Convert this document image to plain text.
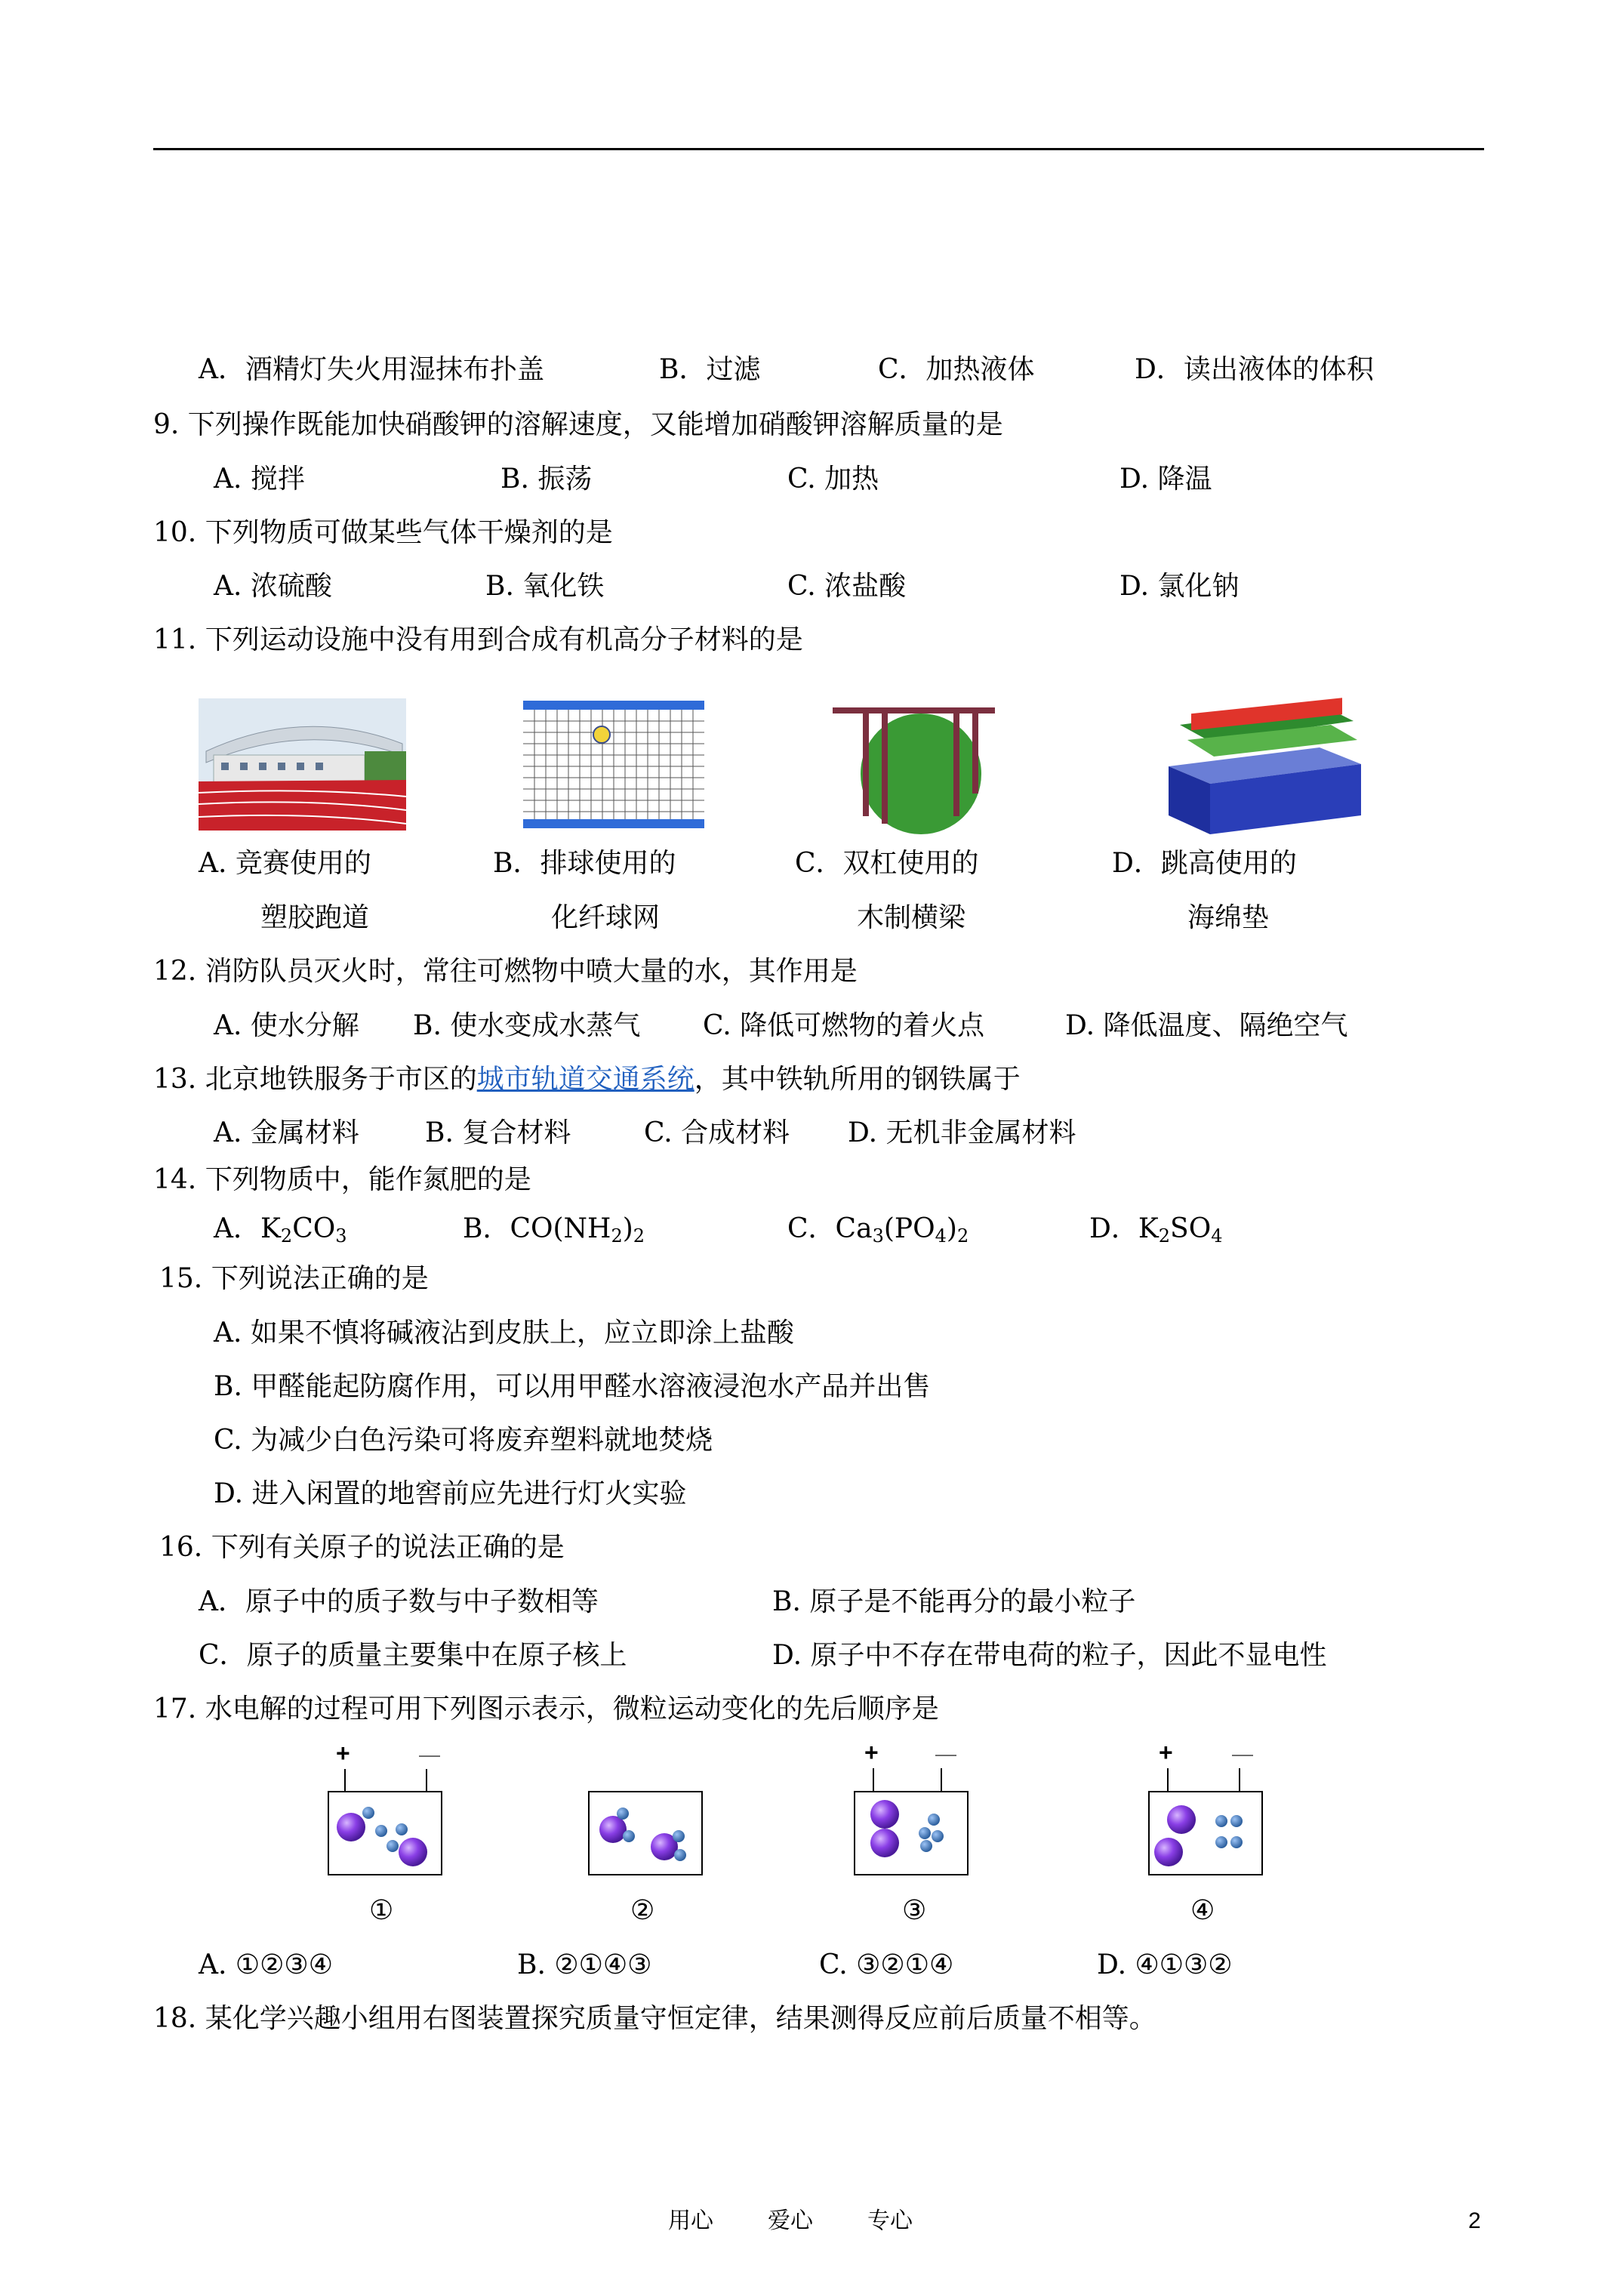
A．酒精灯失火用湿抹布扑盖	B．过滤	C．加热液体	D．读出液体的体积
9. 下列操作既能加快硝酸钾的溶解速度，又能增加硝酸钾溶解质量的是
A. 搅拌	B. 振荡	C. 加热	D. 降温
10. 下列物质可做某些气体干燥剂的是
A. 浓硫酸	B. 氧化铁	C. 浓盐酸	D. 氯化钠
11. 下列运动设施中没有用到合成有机高分子材料的是
A. 竞赛使用的
塑胶跑道
B．排球使用的
化纤球网
C．双杠使用的
木制横梁
D．跳高使用的
海绵垫
12. 消防队员灭火时，常往可燃物中喷大量的水，其作用是
A. 使水分解 B. 使水变成水蒸气 C. 降低可燃物的着火点	D. 降低温度、隔绝空气
13. 北京地铁服务于市区的城市轨道交通系统，其中铁轨所用的钢铁属于
A. 金属材料 B. 复合材料	C. 合成材料 D. 无机非金属材料
14. 下列物质中，能作氮肥的是
A．$K_2CO_3$	B．$CO(NH_2)_2$	C．$Ca_3(PO_4)_2$	D．$K_2SO_4$
15. 下列说法正确的是
A. 如果不慎将碱液沾到皮肤上，应立即涂上盐酸
B. 甲醛能起防腐作用，可以用甲醛水溶液浸泡水产品并出售
C. 为减少白色污染可将废弃塑料就地焚烧
D. 进入闲置的地窖前应先进行灯火实验
16. 下列有关原子的说法正确的是
A．原子中的质子数与中子数相等	B. 原子是不能再分的最小粒子
C．原子的质量主要集中在原子核上	D. 原子中不存在带电荷的粒子，因此不显电性
17. 水电解的过程可用下列图示表示，微粒运动变化的先后顺序是
+	—	+	—	+	—
①	②	③	④
A. ①②③④	B. ②①④③	C. ③②①④	D. ④①③②
18. 某化学兴趣小组用右图装置探究质量守恒定律，结果测得反应前后质量不相等。
用心 爱心 专心	2
